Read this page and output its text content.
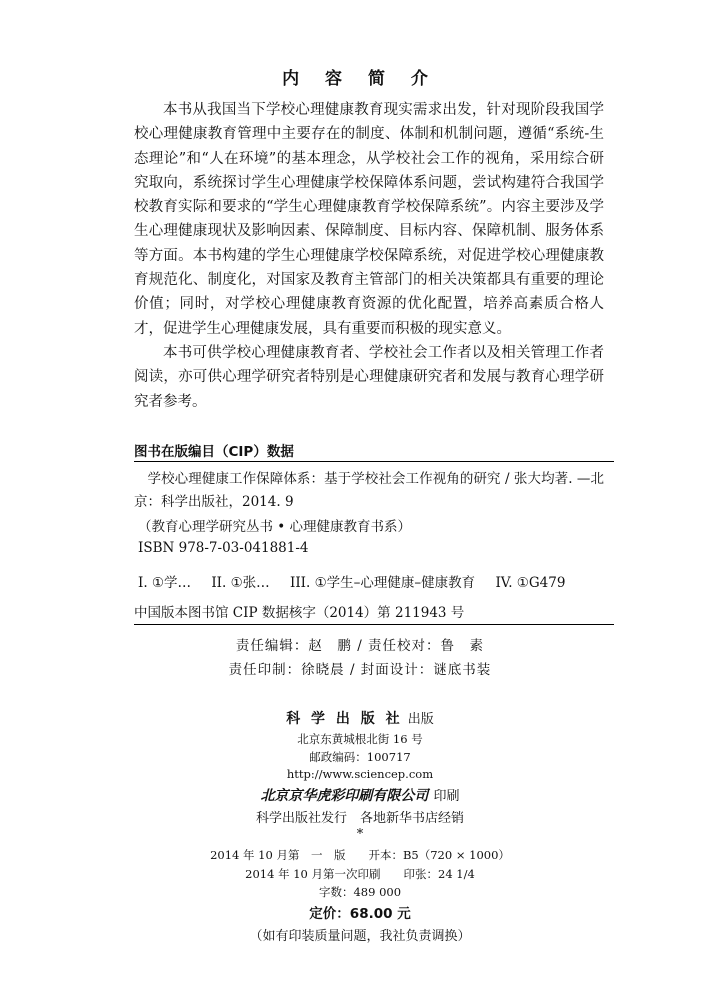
内 容 简 介

本书从我国当下学校心理健康教育现实需求出发，针对现阶段我国学校心理健康教育管理中主要存在的制度、体制和机制问题，遵循“系统-生态理论”和“人在环境”的基本理念，从学校社会工作的视角，采用综合研究取向，系统探讨学生心理健康学校保障体系问题，尝试构建符合我国学校教育实际和要求的“学生心理健康教育学校保障系统”。内容主要涉及学生心理健康现状及影响因素、保障制度、目标内容、保障机制、服务体系等方面。本书构建的学生心理健康学校保障系统，对促进学校心理健康教育规范化、制度化，对国家及教育主管部门的相关决策都具有重要的理论价值；同时，对学校心理健康教育资源的优化配置，培养高素质合格人才，促进学生心理健康发展，具有重要而积极的现实意义。

本书可供学校心理健康教育者、学校社会工作者以及相关管理工作者阅读，亦可供心理学研究者特别是心理健康研究者和发展与教育心理学研究者参考。

图书在版编目（CIP）数据

学校心理健康工作保障体系：基于学校社会工作视角的研究 / 张大均著. —北京：科学出版社，2014. 9

（教育心理学研究丛书 • 心理健康教育书系）
ISBN 978-7-03-041881-4
I. ①学… II. ①张… III. ①学生–心理健康–健康教育 IV. ①G479
中国版本图书馆 CIP 数据核字（2014）第 211943 号
责任编辑：赵　鹏 / 责任校对：鲁　素
责任印制：徐晓晨 / 封面设计：谜底书装
科 学 出 版 社 出版
北京东黄城根北街 16 号
邮政编码：100717
http://www.sciencep.com
北京京华虎彩印刷有限公司 印刷
科学出版社发行　各地新华书店经销
*
2014 年 10 月第　一　版　　开本：B5（720 × 1000）
2014 年 10 月第一次印刷　　印张：24 1/4
字数：489 000
定价：68.00 元
（如有印装质量问题，我社负责调换）
